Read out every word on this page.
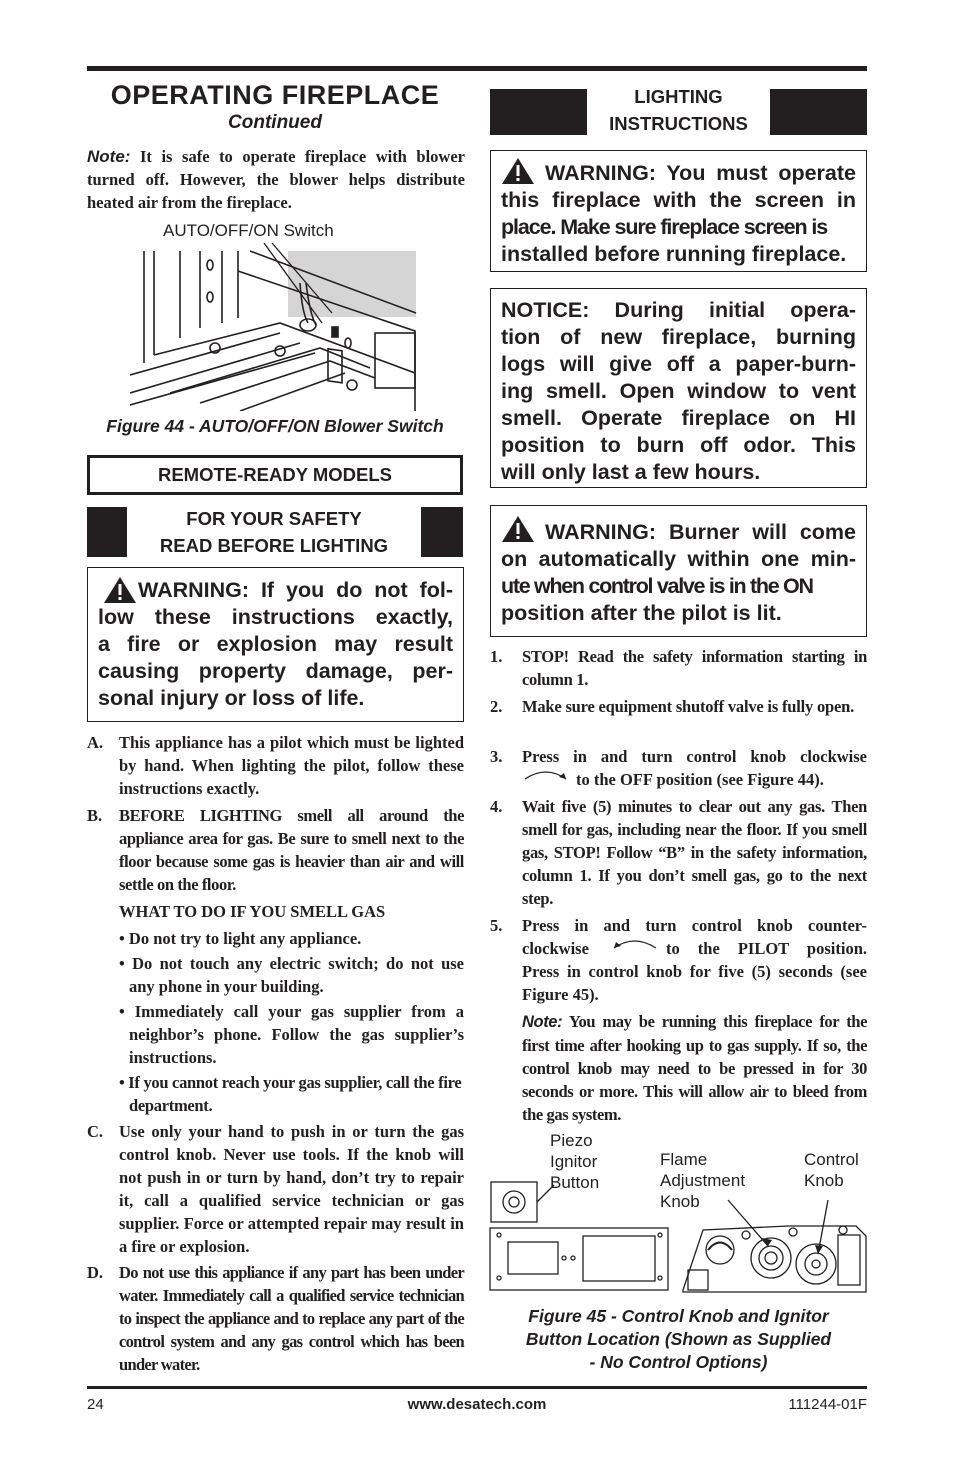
OPERATING FIREPLACE
Continued
Note: It is safe to operate fireplace with blower turned off. However, the blower helps distribute heated air from the fireplace.
AUTO/OFF/ON Switch
Figure 44 - AUTO/OFF/ON Blower Switch
REMOTE-READY MODELS
FOR YOUR SAFETY
READ BEFORE LIGHTING
WARNING: If you do not fol-
low these instructions exactly,
a fire or explosion may result
causing property damage, per-
sonal injury or loss of life.
A. This appliance has a pilot which must be lighted by hand. When lighting the pilot, follow these instructions exactly.
B. BEFORE LIGHTING smell all around the appliance area for gas. Be sure to smell next to the floor because some gas is heavier than air and will settle on the floor.
WHAT TO DO IF YOU SMELL GAS
• Do not try to light any appliance.
• Do not touch any electric switch; do not use any phone in your building.
• Immediately call your gas supplier from a neighbor’s phone. Follow the gas supplier’s instructions.
• If you cannot reach your gas supplier, call the fire department.
C. Use only your hand to push in or turn the gas control knob. Never use tools. If the knob will not push in or turn by hand, don’t try to repair it, call a qualified service technician or gas supplier. Force or attempted repair may result in a fire or explosion.
D. Do not use this appliance if any part has been under water. Immediately call a qualified service technician to inspect the appliance and to replace any part of the control system and any gas control which has been under water.
LIGHTING
INSTRUCTIONS
WARNING: You must operate
this fireplace with the screen in
place. Make sure fireplace screen is
installed before running fireplace.
NOTICE: During initial opera-
tion of new fireplace, burning
logs will give off a paper-burn-
ing smell. Open window to vent
smell. Operate fireplace on HI
position to burn off odor. This
will only last a few hours.
WARNING: Burner will come
on automatically within one min-
ute when control valve is in the ON
position after the pilot is lit.
1. STOP! Read the safety information starting in column 1.
2. Make sure equipment shutoff valve is fully open.
3. Press in and turn control knob clockwise
to the OFF position (see Figure 44).
4. Wait five (5) minutes to clear out any gas. Then smell for gas, including near the floor. If you smell gas, STOP! Follow “B” in the safety information, column 1. If you don’t smell gas, go to the next step.
5. Press in and turn control knob counter-
clockwise	to the PILOT position.
Press in control knob for five (5) seconds (see Figure 45).
Note: You may be running this fireplace for the first time after hooking up to gas supply. If so, the control knob may need to be pressed in for 30 seconds or more. This will allow air to bleed from the gas system.
Piezo
Ignitor
Button
Flame
Adjustment
Knob
Control
Knob
Figure 45 - Control Knob and Ignitor
Button Location (Shown as Supplied
- No Control Options)
24	www.desatech.com	111244-01F
